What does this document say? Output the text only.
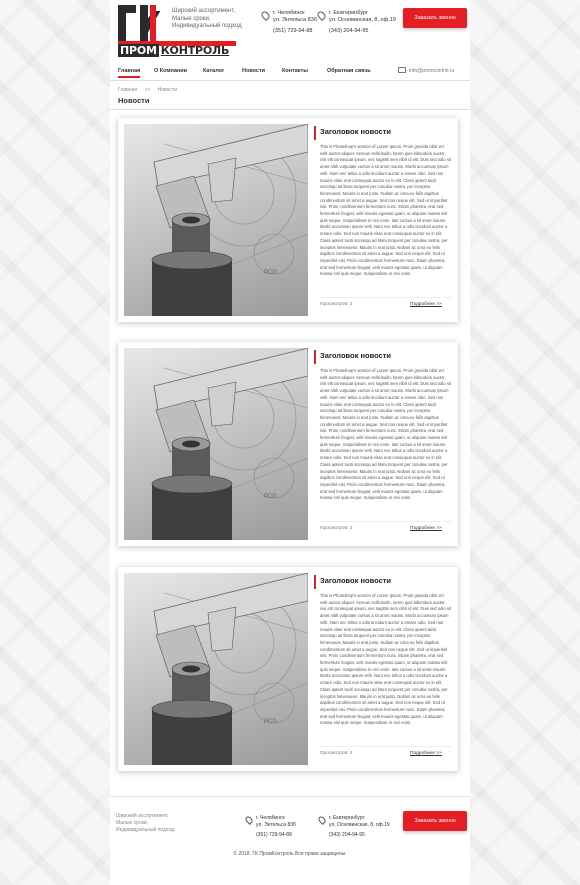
ПРОМ КОНТРОЛЬ
Широкий ассортимент,
Малые сроки,
Индивидуальный подход
г. Челябинск
ул. Энтельса 83б
(351) 729-94-88
г. Екатеринбург
ул. Основинская, 8, оф.19
(343) 204-94-95
Заказать звонок
Главная О Компании	Каталог	Новости	Контакты	Обратная связь	info@promcontrol.ru
Главная >> Новости
Новости
PCD
Заголовок новости
This is Photoshop's version of Lorem Ipsum. Proin gravida nibh vel velit auctor aliquet. Aenean sollicitudin, lorem quis bibendum auctor, nisi elit consequat ipsum, nec sagittis sem nibh id elit. Duis sed odio sit amet nibh vulputate cursus a sit amet mauris. Morbi accumsan ipsum velit. Nam nec tellus a odio tincidunt auctor a ornare odio. Sed non mauris vitae erat consequat auctor eu in elit. Class aptent taciti sociosqu ad litora torquent per conubia nostra, per inceptos himenaeos. Mauris in erat justo. Nullam ac urna eu felis dapibus condimentum sit amet a augue. Sed non neque elit. Sed ut imperdiet nisi. Proin condimentum fermentum nunc. Etiam pharetra, erat sed fermentum feugiat, velit mauris egestas quam, ut aliquam massa nisl quis neque. Suspendisse in orci enim. tate cursus a sit amet mauris. Morbi accumsan ipsum velit. Nam nec tellus a odio tincidunt auctor a ornare odio. Sed non mauris vitae erat consequat auctor eu in elit. Class aptent taciti sociosqu ad litora torquent per conubia nostra, per inceptos himenaeos. Mauris in erat justo. Nullam ac urna eu felis dapibus condimentum sit amet a augue. Sed non neque elit. Sed ut imperdiet nisi. Proin condimentum fermentum nunc. Etiam pharetra, erat sed fermentum feugiat, velit mauris egestas quam, ut aliquam massa nisl quis neque. Suspendisse in orci enim.
Просмотров: 2	Подробнее >>
PCD
Заголовок новости
This is Photoshop's version of Lorem Ipsum. Proin gravida nibh vel velit auctor aliquet. Aenean sollicitudin, lorem quis bibendum auctor, nisi elit consequat ipsum, nec sagittis sem nibh id elit. Duis sed odio sit amet nibh vulputate cursus a sit amet mauris. Morbi accumsan ipsum velit. Nam nec tellus a odio tincidunt auctor a ornare odio. Sed non mauris vitae erat consequat auctor eu in elit. Class aptent taciti sociosqu ad litora torquent per conubia nostra, per inceptos himenaeos. Mauris in erat justo. Nullam ac urna eu felis dapibus condimentum sit amet a augue. Sed non neque elit. Sed ut imperdiet nisi. Proin condimentum fermentum nunc. Etiam pharetra, erat sed fermentum feugiat, velit mauris egestas quam, ut aliquam massa nisl quis neque. Suspendisse in orci enim. tate cursus a sit amet mauris. Morbi accumsan ipsum velit. Nam nec tellus a odio tincidunt auctor a ornare odio. Sed non mauris vitae erat consequat auctor eu in elit. Class aptent taciti sociosqu ad litora torquent per conubia nostra, per inceptos himenaeos. Mauris in erat justo. Nullam ac urna eu felis dapibus condimentum sit amet a augue. Sed non neque elit. Sed ut imperdiet nisi. Proin condimentum fermentum nunc. Etiam pharetra, erat sed fermentum feugiat, velit mauris egestas quam, ut aliquam massa nisl quis neque. Suspendisse in orci enim.
Просмотров: 2	Подробнее >>
PCD
Заголовок новости
This is Photoshop's version of Lorem Ipsum. Proin gravida nibh vel velit auctor aliquet. Aenean sollicitudin, lorem quis bibendum auctor, nisi elit consequat ipsum, nec sagittis sem nibh id elit. Duis sed odio sit amet nibh vulputate cursus a sit amet mauris. Morbi accumsan ipsum velit. Nam nec tellus a odio tincidunt auctor a ornare odio. Sed non mauris vitae erat consequat auctor eu in elit. Class aptent taciti sociosqu ad litora torquent per conubia nostra, per inceptos himenaeos. Mauris in erat justo. Nullam ac urna eu felis dapibus condimentum sit amet a augue. Sed non neque elit. Sed ut imperdiet nisi. Proin condimentum fermentum nunc. Etiam pharetra, erat sed fermentum feugiat, velit mauris egestas quam, ut aliquam massa nisl quis neque. Suspendisse in orci enim. tate cursus a sit amet mauris. Morbi accumsan ipsum velit. Nam nec tellus a odio tincidunt auctor a ornare odio. Sed non mauris vitae erat consequat auctor eu in elit. Class aptent taciti sociosqu ad litora torquent per conubia nostra, per inceptos himenaeos. Mauris in erat justo. Nullam ac urna eu felis dapibus condimentum sit amet a augue. Sed non neque elit. Sed ut imperdiet nisi. Proin condimentum fermentum nunc. Etiam pharetra, erat sed fermentum feugiat, velit mauris egestas quam, ut aliquam massa nisl quis neque. Suspendisse in orci enim.
Просмотров: 2	Подробнее >>
Широкий ассортимент,
Малые сроки,
Индивидуальный подход
г. Челябинск
ул. Энтельса 83б
(351) 729-94-88
г. Екатеринбург
ул. Основинская, 8, оф.19
(343) 204-94-95
Заказать звонок
© 2018. ГК ПромКонтроль Все права защищены.
